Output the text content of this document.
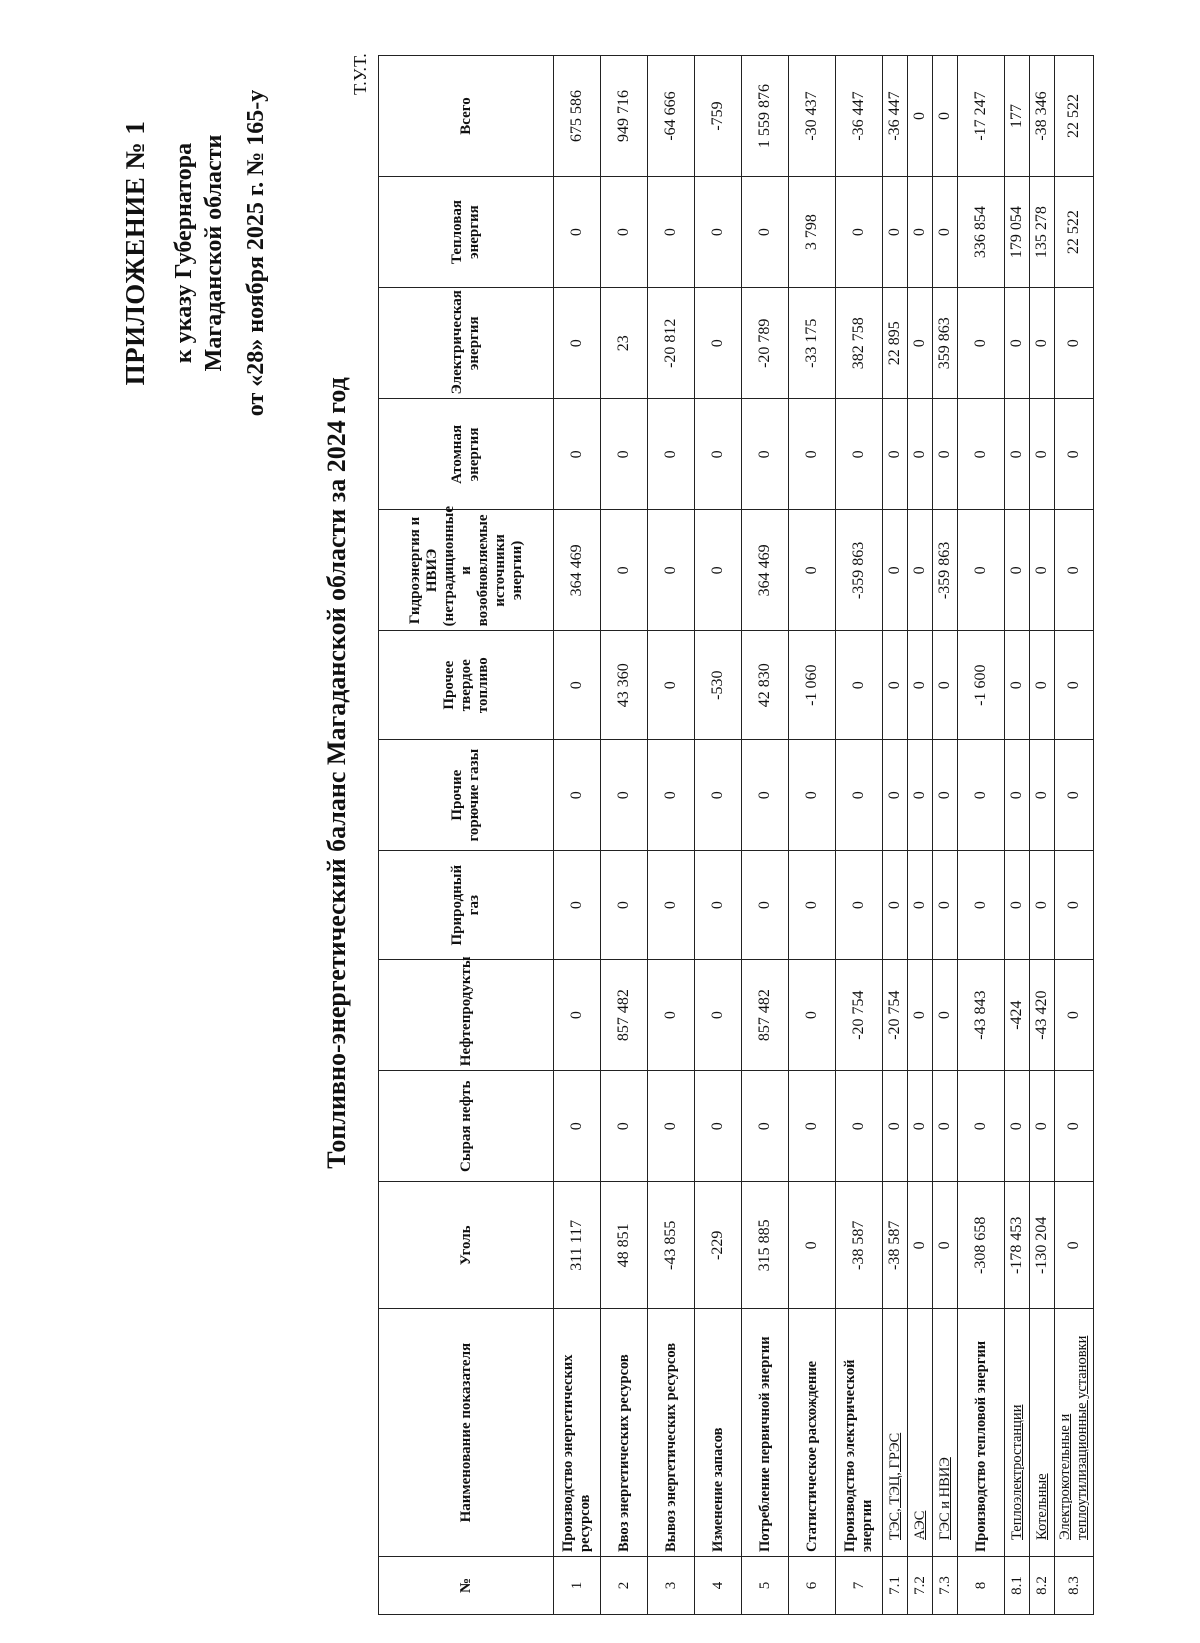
ПРИЛОЖЕНИЕ № 1 к указу Губернатора Магаданской области от «28» ноября 2025 г. № 165-у
Топливно-энергетический баланс Магаданской области за 2024 год
Т.У.Т.
№	Наименование показателя	Уголь	Сырая нефть	Нефтепродукты	Природный газ	Прочие горючие газы	Прочее твердое топливо	Гидроэнергия и НВИЭ (нетрадиционные и возобновляемые источники энергии)	Атомная энергия	Электрическая энергия	Тепловая энергия	Всего
1	Производство энергетических ресурсов	311 117	0	0	0	0	0	364 469	0	0	0	675 586
2	Ввоз энергетических ресурсов	48 851	0	857 482	0	0	43 360	0	0	23	0	949 716
3	Вывоз энергетических ресурсов	-43 855	0	0	0	0	0	0	0	-20 812	0	-64 666
4	Изменение запасов	-229	0	0	0	0	-530	0	0	0	0	-759
5	Потребление первичной энергии	315 885	0	857 482	0	0	42 830	364 469	0	-20 789	0	1 559 876
6	Статистическое расхождение	0	0	0	0	0	-1 060	0	0	-33 175	3 798	-30 437
7	Производство электрической энергии	-38 587	0	-20 754	0	0	0	-359 863	0	382 758	0	-36 447
7.1	ТЭС, ТЭЦ, ГРЭС	-38 587	0	-20 754	0	0	0	0	0	22 895	0	-36 447
7.2	АЭС	0	0	0	0	0	0	0	0	0	0	0
7.3	ГЭС и НВИЭ	0	0	0	0	0	0	-359 863	0	359 863	0	0
8	Производство тепловой энергии	-308 658	0	-43 843	0	0	-1 600	0	0	0	336 854	-17 247
8.1	Теплоэлектростанции	-178 453	0	-424	0	0	0	0	0	0	179 054	177
8.2	Котельные	-130 204	0	-43 420	0	0	0	0	0	0	135 278	-38 346
8.3	Электрокотельные и теплоутилизационные установки	0	0	0	0	0	0	0	0	0	22 522	22 522
